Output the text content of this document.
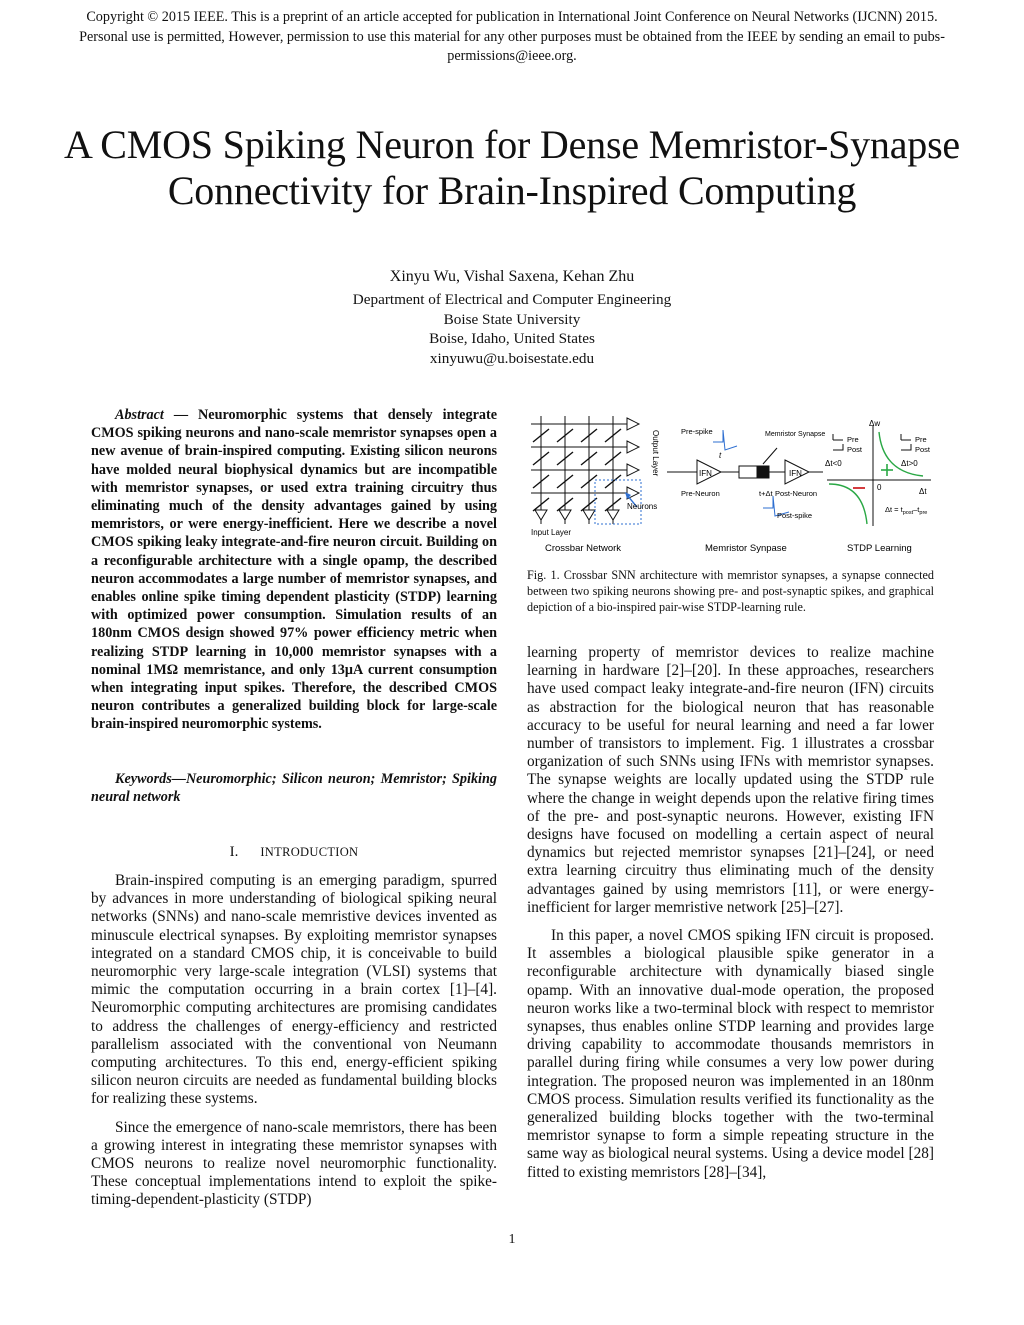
Copyright © 2015 IEEE. This is a preprint of an article accepted for publication in International Joint Conference on Neural Networks (IJCNN) 2015. Personal use is permitted, However, permission to use this material for any other purposes must be obtained from the IEEE by sending an email to pubs-permissions@ieee.org.
A CMOS Spiking Neuron for Dense Memristor-Synapse Connectivity for Brain-Inspired Computing
Xinyu Wu, Vishal Saxena, Kehan Zhu
Department of Electrical and Computer Engineering
Boise State University
Boise, Idaho, United States
xinyuwu@u.boisestate.edu
Abstract — Neuromorphic systems that densely integrate CMOS spiking neurons and nano-scale memristor synapses open a new avenue of brain-inspired computing. Existing silicon neurons have molded neural biophysical dynamics but are incompatible with memristor synapses, or used extra training circuitry thus eliminating much of the density advantages gained by using memristors, or were energy-inefficient. Here we describe a novel CMOS spiking leaky integrate-and-fire neuron circuit. Building on a reconfigurable architecture with a single opamp, the described neuron accommodates a large number of memristor synapses, and enables online spike timing dependent plasticity (STDP) learning with optimized power consumption. Simulation results of an 180nm CMOS design showed 97% power efficiency metric when realizing STDP learning in 10,000 memristor synapses with a nominal 1MΩ memristance, and only 13μA current consumption when integrating input spikes. Therefore, the described CMOS neuron contributes a generalized building block for large-scale brain-inspired neuromorphic systems.
Keywords—Neuromorphic; Silicon neuron; Memristor; Spiking neural network
I. INTRODUCTION

Brain-inspired computing is an emerging paradigm, spurred by advances in more understanding of biological spiking neural networks (SNNs) and nano-scale memristive devices invented as minuscule electrical synapses. By exploiting memristor synapses integrated on a standard CMOS chip, it is conceivable to build neuromorphic very large-scale integration (VLSI) systems that mimic the computation occurring in a brain cortex [1]–[4]. Neuromorphic computing architectures are promising candidates to address the challenges of energy-efficiency and restricted parallelism associated with the conventional von Neumann computing architectures. To this end, energy-efficient spiking silicon neuron circuits are needed as fundamental building blocks for realizing these systems.

Since the emergence of nano-scale memristors, there has been a growing interest in integrating these memristor synapses with CMOS neurons to realize novel neuromorphic functionality. These conceptual implementations intend to exploit the spike-timing-dependent-plasticity (STDP)

Input Layer
Neurons
Output Layer	Pre-spike	Memristor Synapse
IFN	IFN
Pre-Neuron	t+Δt Post-Neuron
t
Post-spike
Δw
Pre
Post
Pre
Post
Δt<0	Δt>0
0	Δt
$\Delta t = t_{post}-t_{pre}$
Crossbar Network	Memristor Synpase	STDP Learning
Fig. 1. Crossbar SNN architecture with memristor synapses, a synapse connected between two spiking neurons showing pre- and post-synaptic spikes, and graphical depiction of a bio-inspired pair-wise STDP-learning rule.

learning property of memristor devices to realize machine learning in hardware [2]–[20]. In these approaches, researchers have used compact leaky integrate-and-fire neuron (IFN) circuits as abstraction for the biological neuron that has reasonable accuracy to be useful for neural learning and need a far lower number of transistors to implement. Fig. 1 illustrates a crossbar organization of such SNNs using IFNs with memristor synapses. The synapse weights are locally updated using the STDP rule where the change in weight depends upon the relative firing times of the pre- and post-synaptic neurons. However, existing IFN designs have focused on modelling a certain aspect of neural dynamics but rejected memristor synapses [21]–[24], or need extra learning circuitry thus eliminating much of the density advantages gained by using memristors [11], or were energy-inefficient for larger memristive network [25]–[27].

In this paper, a novel CMOS spiking IFN circuit is proposed. It assembles a biological plausible spike generator in a reconfigurable architecture with dynamically biased single opamp. With an innovative dual-mode operation, the proposed neuron works like a two-terminal block with respect to memristor synapses, thus enables online STDP learning and provides large driving capability to accommodate thousands memristors in parallel during firing while consumes a very low power during integration. The proposed neuron was implemented in an 180nm CMOS process. Simulation results verified its functionality as the generalized building blocks together with the two-terminal memristor synapse to form a simple repeating structure in the same way as biological neural systems. Using a device model [28] fitted to existing memristors [28]–[34],

1
